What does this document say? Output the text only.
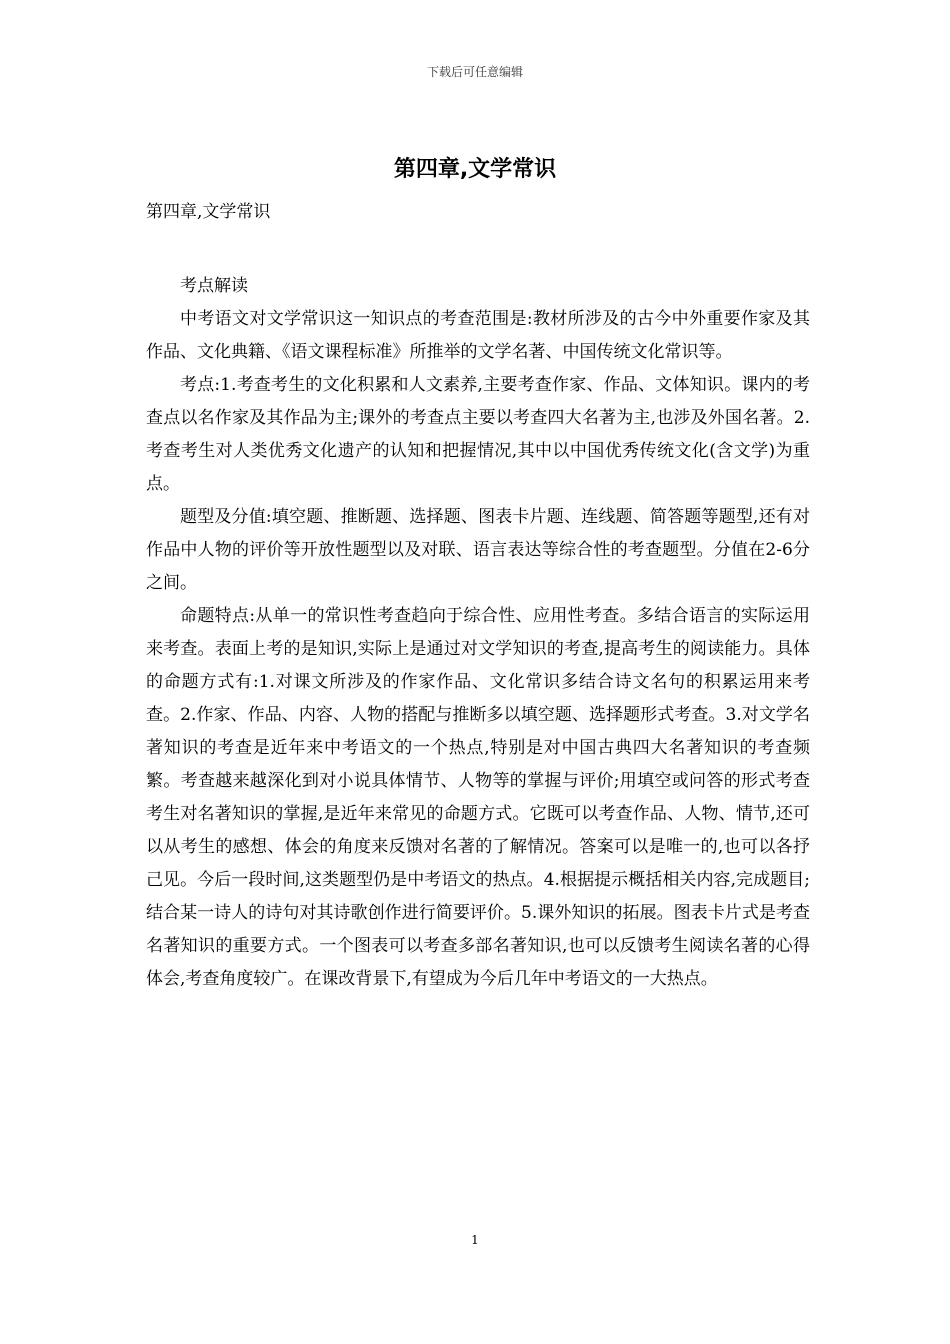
下载后可任意编辑
第四章,文学常识
第四章,文学常识

考点解读

中考语文对文学常识这一知识点的考查范围是:教材所涉及的古今中外重要作家及其作品、文化典籍、《语文课程标准》所推举的文学名著、中国传统文化常识等。

考点:1.考查考生的文化积累和人文素养,主要考查作家、作品、文体知识。课内的考查点以名作家及其作品为主;课外的考查点主要以考查四大名著为主,也涉及外国名著。2.考查考生对人类优秀文化遗产的认知和把握情况,其中以中国优秀传统文化(含文学)为重点。

题型及分值:填空题、推断题、选择题、图表卡片题、连线题、简答题等题型,还有对作品中人物的评价等开放性题型以及对联、语言表达等综合性的考查题型。分值在2-6分之间。

命题特点:从单一的常识性考查趋向于综合性、应用性考查。多结合语言的实际运用来考查。表面上考的是知识,实际上是通过对文学知识的考查,提高考生的阅读能力。具体的命题方式有:1.对课文所涉及的作家作品、文化常识多结合诗文名句的积累运用来考查。2.作家、作品、内容、人物的搭配与推断多以填空题、选择题形式考查。3.对文学名著知识的考查是近年来中考语文的一个热点,特别是对中国古典四大名著知识的考查频繁。考查越来越深化到对小说具体情节、人物等的掌握与评价;用填空或问答的形式考查考生对名著知识的掌握,是近年来常见的命题方式。它既可以考查作品、人物、情节,还可以从考生的感想、体会的角度来反馈对名著的了解情况。答案可以是唯一的,也可以各抒己见。今后一段时间,这类题型仍是中考语文的热点。4.根据提示概括相关内容,完成题目;结合某一诗人的诗句对其诗歌创作进行简要评价。5.课外知识的拓展。图表卡片式是考查名著知识的重要方式。一个图表可以考查多部名著知识,也可以反馈考生阅读名著的心得体会,考查角度较广。在课改背景下,有望成为今后几年中考语文的一大热点。

1
